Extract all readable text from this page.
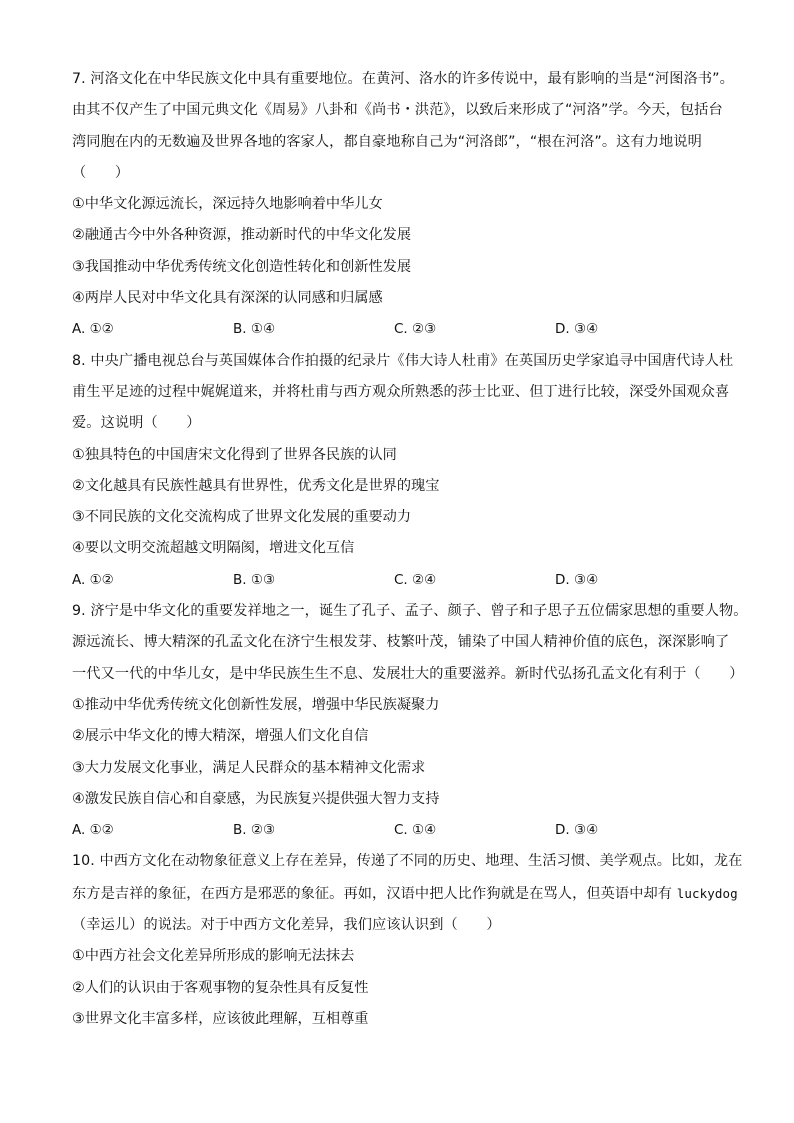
7. 河洛文化在中华民族文化中具有重要地位。在黄河、洛水的许多传说中，最有影响的当是“河图洛书”。
由其不仅产生了中国元典文化《周易》八卦和《尚书・洪范》，以致后来形成了“河洛”学。今天，包括台
湾同胞在内的无数遍及世界各地的客家人，都自豪地称自己为“河洛郎”，“根在河洛”。这有力地说明
（　　）
①中华文化源远流长，深远持久地影响着中华儿女
②融通古今中外各种资源，推动新时代的中华文化发展
③我国推动中华优秀传统文化创造性转化和创新性发展
④两岸人民对中华文化具有深深的认同感和归属感
A. ①②	B. ①④	C. ②③	D. ③④
8. 中央广播电视总台与英国媒体合作拍摄的纪录片《伟大诗人杜甫》在英国历史学家追寻中国唐代诗人杜
甫生平足迹的过程中娓娓道来，并将杜甫与西方观众所熟悉的莎士比亚、但丁进行比较，深受外国观众喜
爱。这说明（　　）
①独具特色的中国唐宋文化得到了世界各民族的认同
②文化越具有民族性越具有世界性，优秀文化是世界的瑰宝
③不同民族的文化交流构成了世界文化发展的重要动力
④要以文明交流超越文明隔阂，增进文化互信
A. ①②	B. ①③	C. ②④	D. ③④
9. 济宁是中华文化的重要发祥地之一，诞生了孔子、孟子、颜子、曾子和子思子五位儒家思想的重要人物。
源远流长、博大精深的孔孟文化在济宁生根发芽、枝繁叶茂，铺染了中国人精神价值的底色，深深影响了
一代又一代的中华儿女，是中华民族生生不息、发展壮大的重要滋养。新时代弘扬孔孟文化有利于（　　）
①推动中华优秀传统文化创新性发展，增强中华民族凝聚力
②展示中华文化的博大精深，增强人们文化自信
③大力发展文化事业，满足人民群众的基本精神文化需求
④激发民族自信心和自豪感，为民族复兴提供强大智力支持
A. ①②	B. ②③	C. ①④	D. ③④
10. 中西方文化在动物象征意义上存在差异，传递了不同的历史、地理、生活习惯、美学观点。比如，龙在
东方是吉祥的象征，在西方是邪恶的象征。再如，汉语中把人比作狗就是在骂人，但英语中却有 luckydog
（幸运儿）的说法。对于中西方文化差异，我们应该认识到（　　）
①中西方社会文化差异所形成的影响无法抹去
②人们的认识由于客观事物的复杂性具有反复性
③世界文化丰富多样，应该彼此理解，互相尊重
